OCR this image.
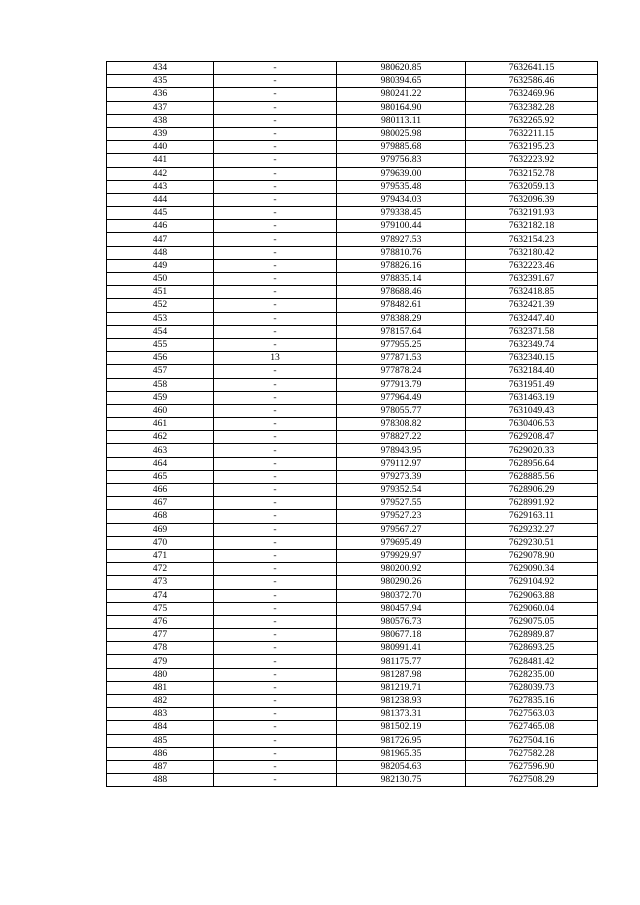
434	-	980620.85	7632641.15
435	-	980394.65	7632586.46
436	-	980241.22	7632469.96
437	-	980164.90	7632382.28
438	-	980113.11	7632265.92
439	-	980025.98	7632211.15
440	-	979885.68	7632195.23
441	-	979756.83	7632223.92
442	-	979639.00	7632152.78
443	-	979535.48	7632059.13
444	-	979434.03	7632096.39
445	-	979338.45	7632191.93
446	-	979100.44	7632182.18
447	-	978927.53	7632154.23
448	-	978810.76	7632180.42
449	-	978826.16	7632223.46
450	-	978835.14	7632391.67
451	-	978688.46	7632418.85
452	-	978482.61	7632421.39
453	-	978388.29	7632447.40
454	-	978157.64	7632371.58
455	-	977955.25	7632349.74
456	13	977871.53	7632340.15
457	-	977878.24	7632184.40
458	-	977913.79	7631951.49
459	-	977964.49	7631463.19
460	-	978055.77	7631049.43
461	-	978308.82	7630406.53
462	-	978827.22	7629208.47
463	-	978943.95	7629020.33
464	-	979112.97	7628956.64
465	-	979273.39	7628885.56
466	-	979352.54	7628906.29
467	-	979527.55	7628991.92
468	-	979527.23	7629163.11
469	-	979567.27	7629232.27
470	-	979695.49	7629230.51
471	-	979929.97	7629078.90
472	-	980200.92	7629090.34
473	-	980290.26	7629104.92
474	-	980372.70	7629063.88
475	-	980457.94	7629060.04
476	-	980576.73	7629075.05
477	-	980677.18	7628989.87
478	-	980991.41	7628693.25
479	-	981175.77	7628481.42
480	-	981287.98	7628235.00
481	-	981219.71	7628039.73
482	-	981238.93	7627835.16
483	-	981373.31	7627563.03
484	-	981502.19	7627465.08
485	-	981726.95	7627504.16
486	-	981965.35	7627582.28
487	-	982054.63	7627596.90
488	-	982130.75	7627508.29
